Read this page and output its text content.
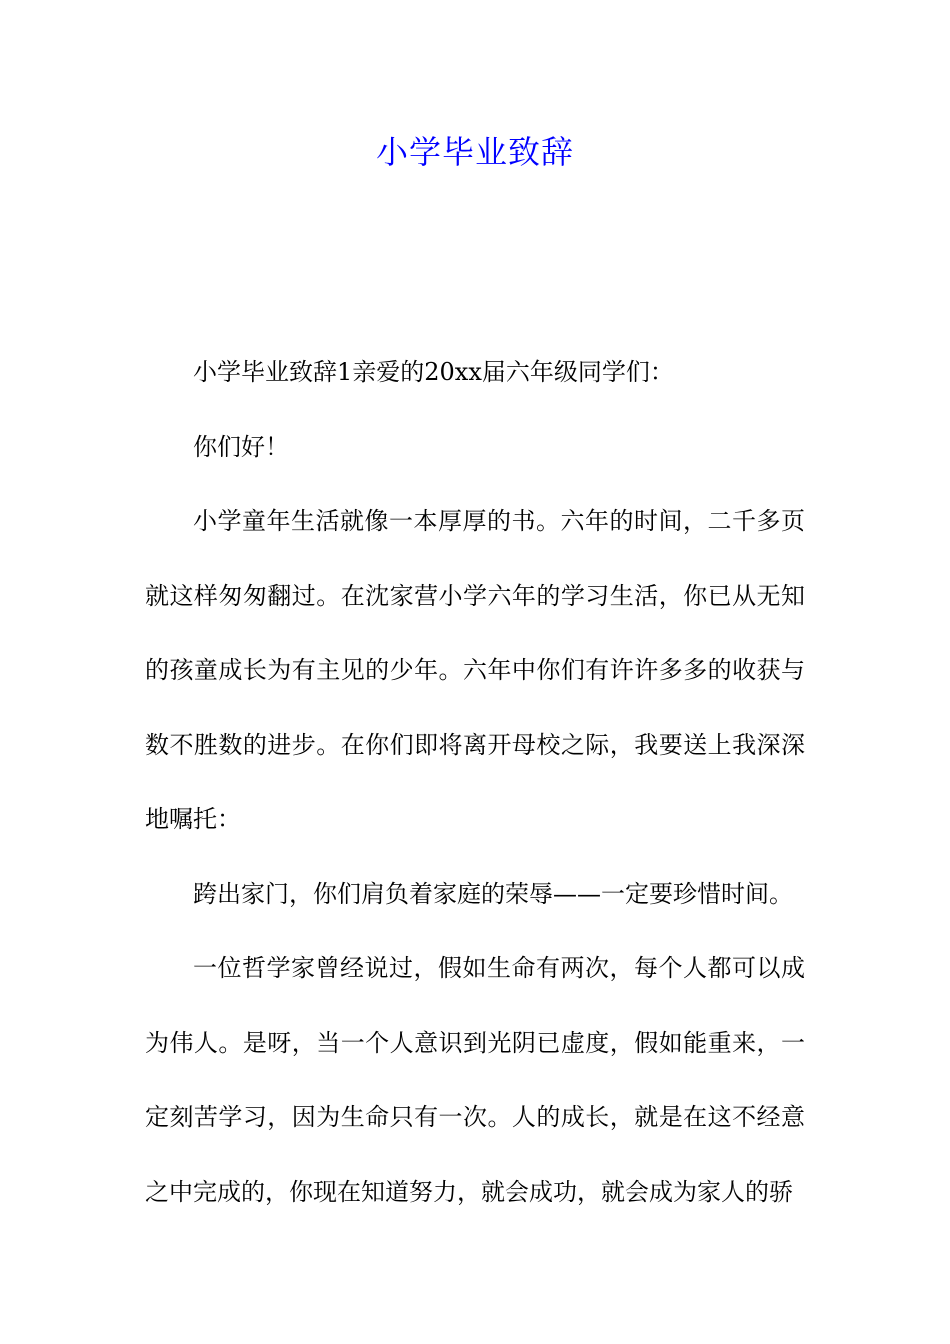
小学毕业致辞

小学毕业致辞1亲爱的20xx届六年级同学们：

你们好！

小学童年生活就像一本厚厚的书。六年的时间，二千多页就这样匆匆翻过。在沈家营小学六年的学习生活，你已从无知的孩童成长为有主见的少年。六年中你们有许许多多的收获与数不胜数的进步。在你们即将离开母校之际，我要送上我深深地嘱托：

跨出家门，你们肩负着家庭的荣辱——一定要珍惜时间。

一位哲学家曾经说过，假如生命有两次，每个人都可以成为伟人。是呀，当一个人意识到光阴已虚度，假如能重来，一定刻苦学习，因为生命只有一次。人的成长，就是在这不经意之中完成的，你现在知道努力，就会成功，就会成为家人的骄
